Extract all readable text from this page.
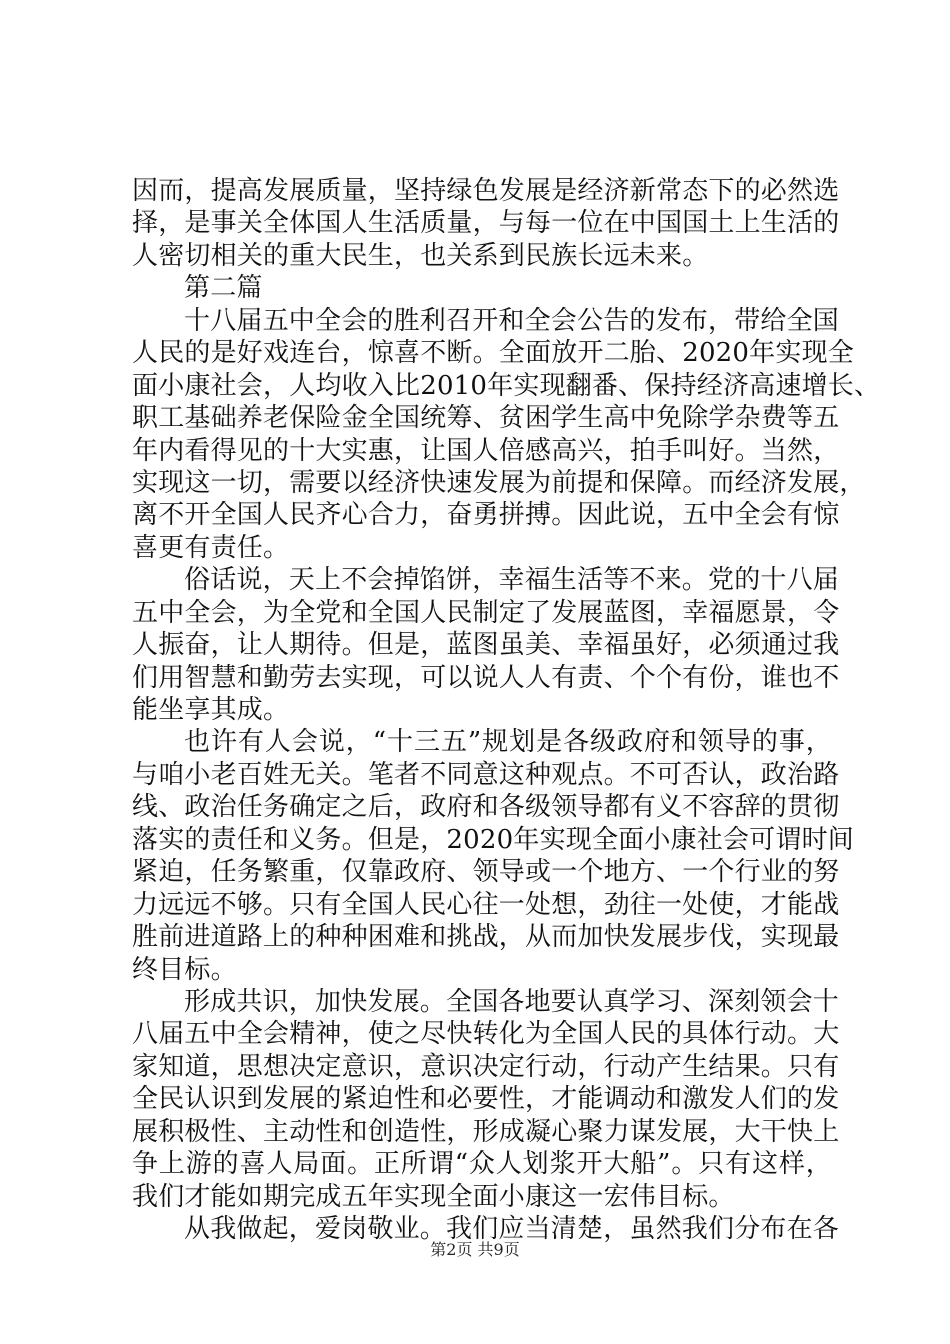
因而，提高发展质量，坚持绿色发展是经济新常态下的必然选
择，是事关全体国人生活质量，与每一位在中国国土上生活的
人密切相关的重大民生，也关系到民族长远未来。
第二篇
十八届五中全会的胜利召开和全会公告的发布，带给全国
人民的是好戏连台，惊喜不断。全面放开二胎、2020年实现全
面小康社会，人均收入比2010年实现翻番、保持经济高速增长、
职工基础养老保险金全国统筹、贫困学生高中免除学杂费等五
年内看得见的十大实惠，让国人倍感高兴，拍手叫好。当然，
实现这一切，需要以经济快速发展为前提和保障。而经济发展，
离不开全国人民齐心合力，奋勇拼搏。因此说，五中全会有惊
喜更有责任。
俗话说，天上不会掉馅饼，幸福生活等不来。党的十八届
五中全会，为全党和全国人民制定了发展蓝图，幸福愿景，令
人振奋，让人期待。但是，蓝图虽美、幸福虽好，必须通过我
们用智慧和勤劳去实现，可以说人人有责、个个有份，谁也不
能坐享其成。
也许有人会说，“十三五”规划是各级政府和领导的事，
与咱小老百姓无关。笔者不同意这种观点。不可否认，政治路
线、政治任务确定之后，政府和各级领导都有义不容辞的贯彻
落实的责任和义务。但是，2020年实现全面小康社会可谓时间
紧迫，任务繁重，仅靠政府、领导或一个地方、一个行业的努
力远远不够。只有全国人民心往一处想，劲往一处使，才能战
胜前进道路上的种种困难和挑战，从而加快发展步伐，实现最
终目标。
形成共识，加快发展。全国各地要认真学习、深刻领会十
八届五中全会精神，使之尽快转化为全国人民的具体行动。大
家知道，思想决定意识，意识决定行动，行动产生结果。只有
全民认识到发展的紧迫性和必要性，才能调动和激发人们的发
展积极性、主动性和创造性，形成凝心聚力谋发展，大干快上
争上游的喜人局面。正所谓“众人划浆开大船”。只有这样，
我们才能如期完成五年实现全面小康这一宏伟目标。
从我做起，爱岗敬业。我们应当清楚，虽然我们分布在各
第2页 共9页
